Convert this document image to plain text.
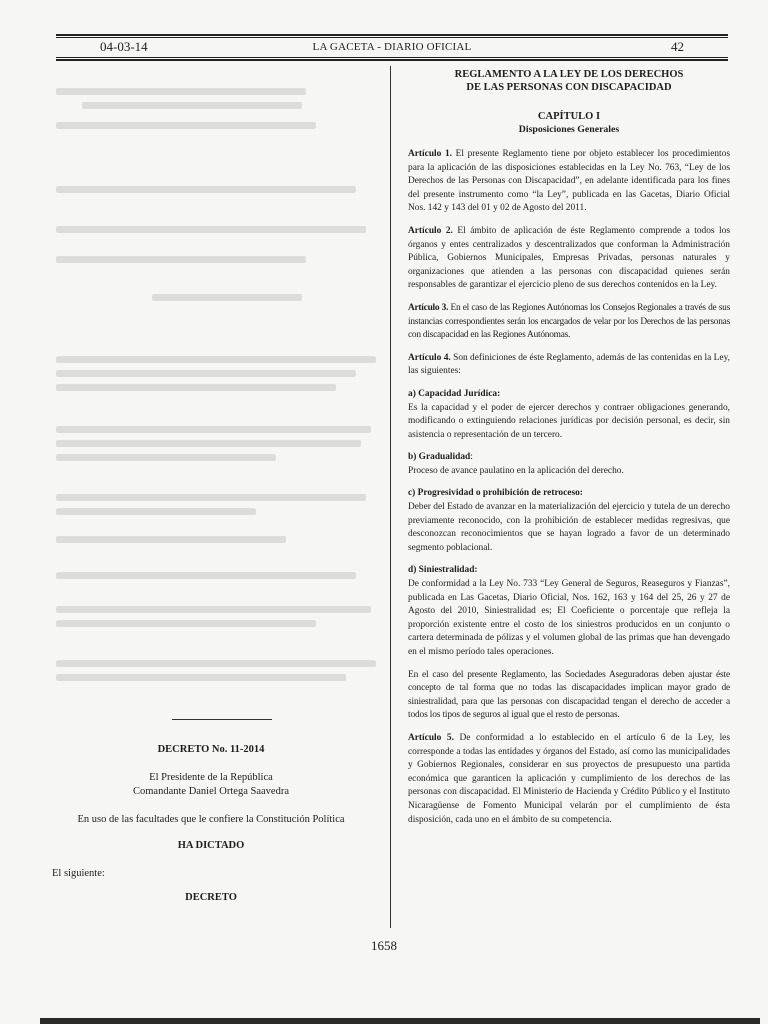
04-03-14	LA GACETA - DIARIO OFICIAL	42
DECRETO No. 11-2014
El Presidente de la República
Comandante Daniel Ortega Saavedra
En uso de las facultades que le confiere la Constitución Política
HA DICTADO
El siguiente:
DECRETO
REGLAMENTO A LA LEY DE LOS DERECHOS
DE LAS PERSONAS CON DISCAPACIDAD
CAPÍTULO I
Disposiciones Generales

Artículo 1. El presente Reglamento tiene por objeto establecer los procedimientos para la aplicación de las disposiciones establecidas en la Ley No. 763, “Ley de los Derechos de las Personas con Discapacidad”, en adelante identificada para los fines del presente instrumento como “la Ley”, publicada en las Gacetas, Diario Oficial Nos. 142 y 143 del 01 y 02 de Agosto del 2011.

Artículo 2. El ámbito de aplicación de éste Reglamento comprende a todos los órganos y entes centralizados y descentralizados que conforman la Administración Pública, Gobiernos Municipales, Empresas Privadas, personas naturales y organizaciones que atienden a las personas con discapacidad quienes serán responsables de garantizar el ejercicio pleno de sus derechos contenidos en la Ley.

Artículo 3. En el caso de las Regiones Autónomas los Consejos Regionales a través de sus instancias correspondientes serán los encargados de velar por los Derechos de las personas con discapacidad en las Regiones Autónomas.

Artículo 4. Son definiciones de éste Reglamento, además de las contenidas en la Ley, las siguientes:

a) Capacidad Jurídica:

Es la capacidad y el poder de ejercer derechos y contraer obligaciones generando, modificando o extinguiendo relaciones jurídicas por decisión personal, es decir, sin asistencia o representación de un tercero.

b) Gradualidad:

Proceso de avance paulatino en la aplicación del derecho.

c) Progresividad o prohibición de retroceso:

Deber del Estado de avanzar en la materialización del ejercicio y tutela de un derecho previamente reconocido, con la prohibición de establecer medidas regresivas, que desconozcan reconocimientos que se hayan logrado a favor de un determinado segmento poblacional.

d) Siniestralidad:

De conformidad a la Ley No. 733 “Ley General de Seguros, Reaseguros y Fianzas”, publicada en Las Gacetas, Diario Oficial, Nos. 162, 163 y 164 del 25, 26 y 27 de Agosto del 2010, Siniestralidad es; El Coeficiente o porcentaje que refleja la proporción existente entre el costo de los siniestros producidos en un conjunto o cartera determinada de pólizas y el volumen global de las primas que han devengado en el mismo período tales operaciones.

En el caso del presente Reglamento, las Sociedades Aseguradoras deben ajustar éste concepto de tal forma que no todas las discapacidades implican mayor grado de siniestralidad, para que las personas con discapacidad tengan el derecho de acceder a todos los tipos de seguros al igual que el resto de personas.

Artículo 5. De conformidad a lo establecido en el artículo 6 de la Ley, les corresponde a todas las entidades y órganos del Estado, así como las municipalidades y Gobiernos Regionales, considerar en sus proyectos de presupuesto una partida económica que garanticen la aplicación y cumplimiento de los derechos de las personas con discapacidad. El Ministerio de Hacienda y Crédito Público y el Instituto Nicaragüense de Fomento Municipal velarán por el cumplimiento de ésta disposición, cada uno en el ámbito de su competencia.

1658
